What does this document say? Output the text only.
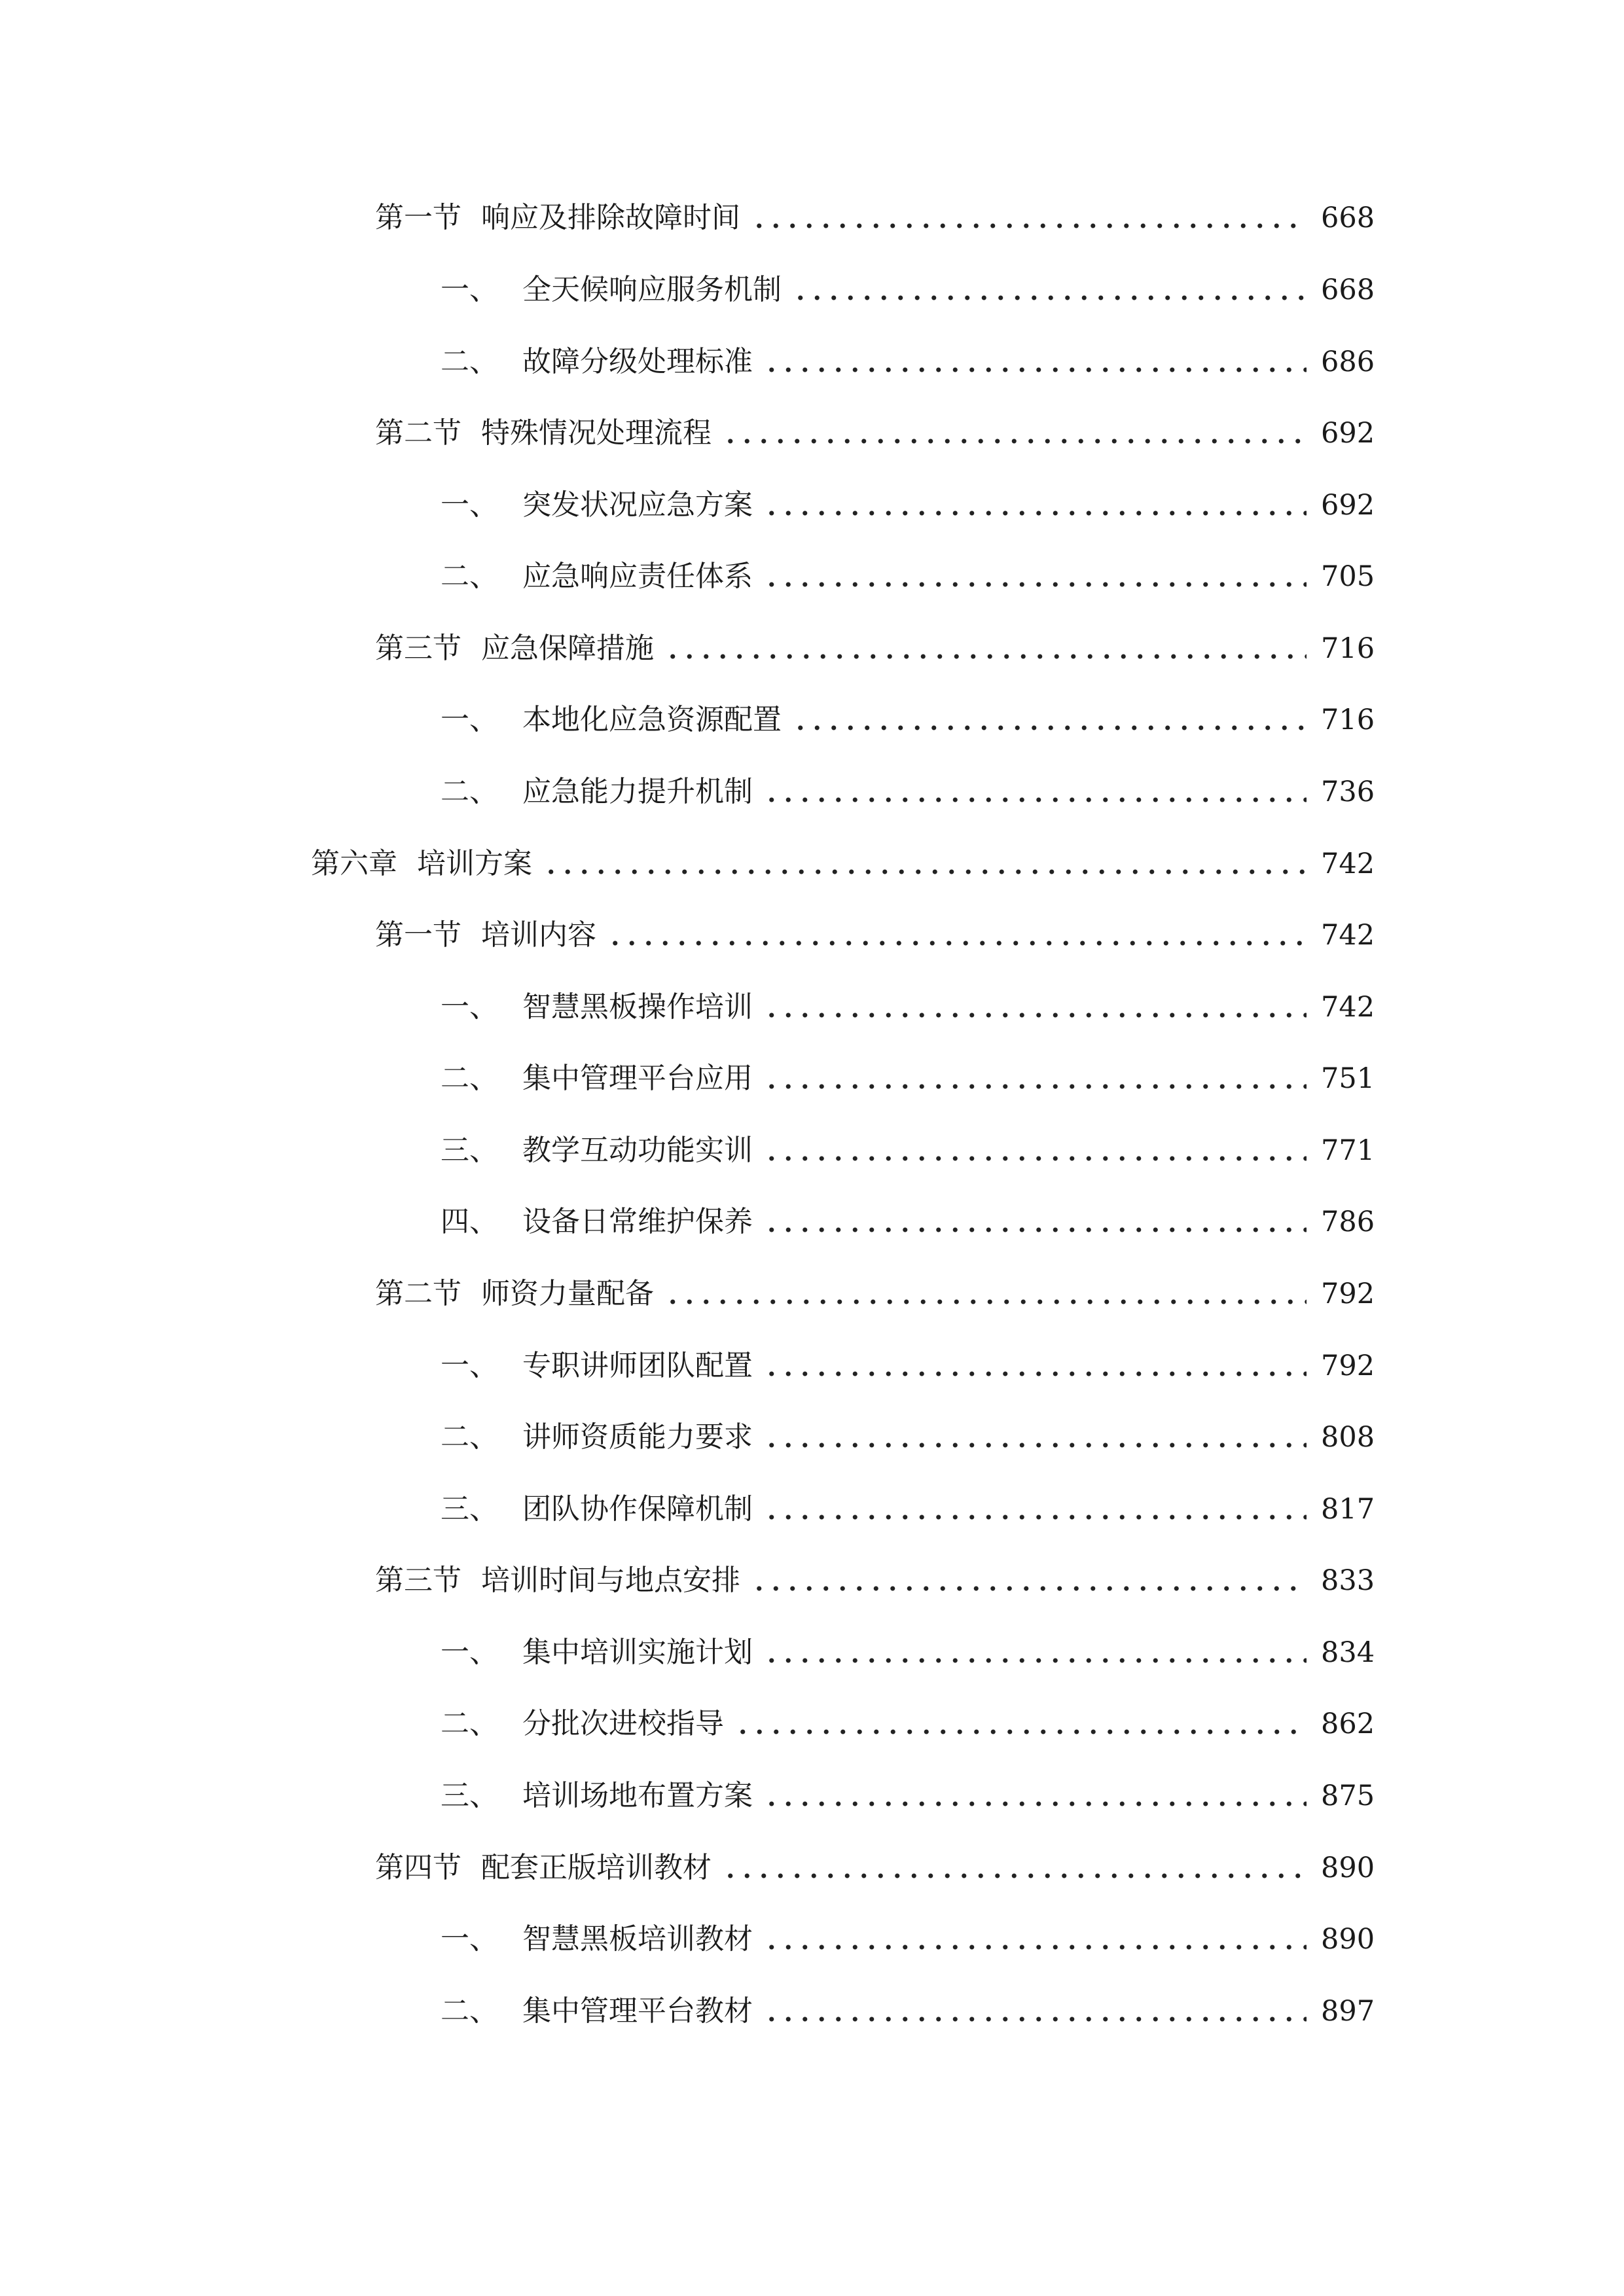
第一节 响应及排除故障时间	668
一、 全天候响应服务机制	668
二、 故障分级处理标准	686
第二节 特殊情况处理流程	692
一、 突发状况应急方案	692
二、 应急响应责任体系	705
第三节 应急保障措施	716
一、 本地化应急资源配置	716
二、 应急能力提升机制	736
第六章 培训方案	742
第一节 培训内容	742
一、 智慧黑板操作培训	742
二、 集中管理平台应用	751
三、 教学互动功能实训	771
四、 设备日常维护保养	786
第二节 师资力量配备	792
一、 专职讲师团队配置	792
二、 讲师资质能力要求	808
三、 团队协作保障机制	817
第三节 培训时间与地点安排	833
一、 集中培训实施计划	834
二、 分批次进校指导	862
三、 培训场地布置方案	875
第四节 配套正版培训教材	890
一、 智慧黑板培训教材	890
二、 集中管理平台教材	897
